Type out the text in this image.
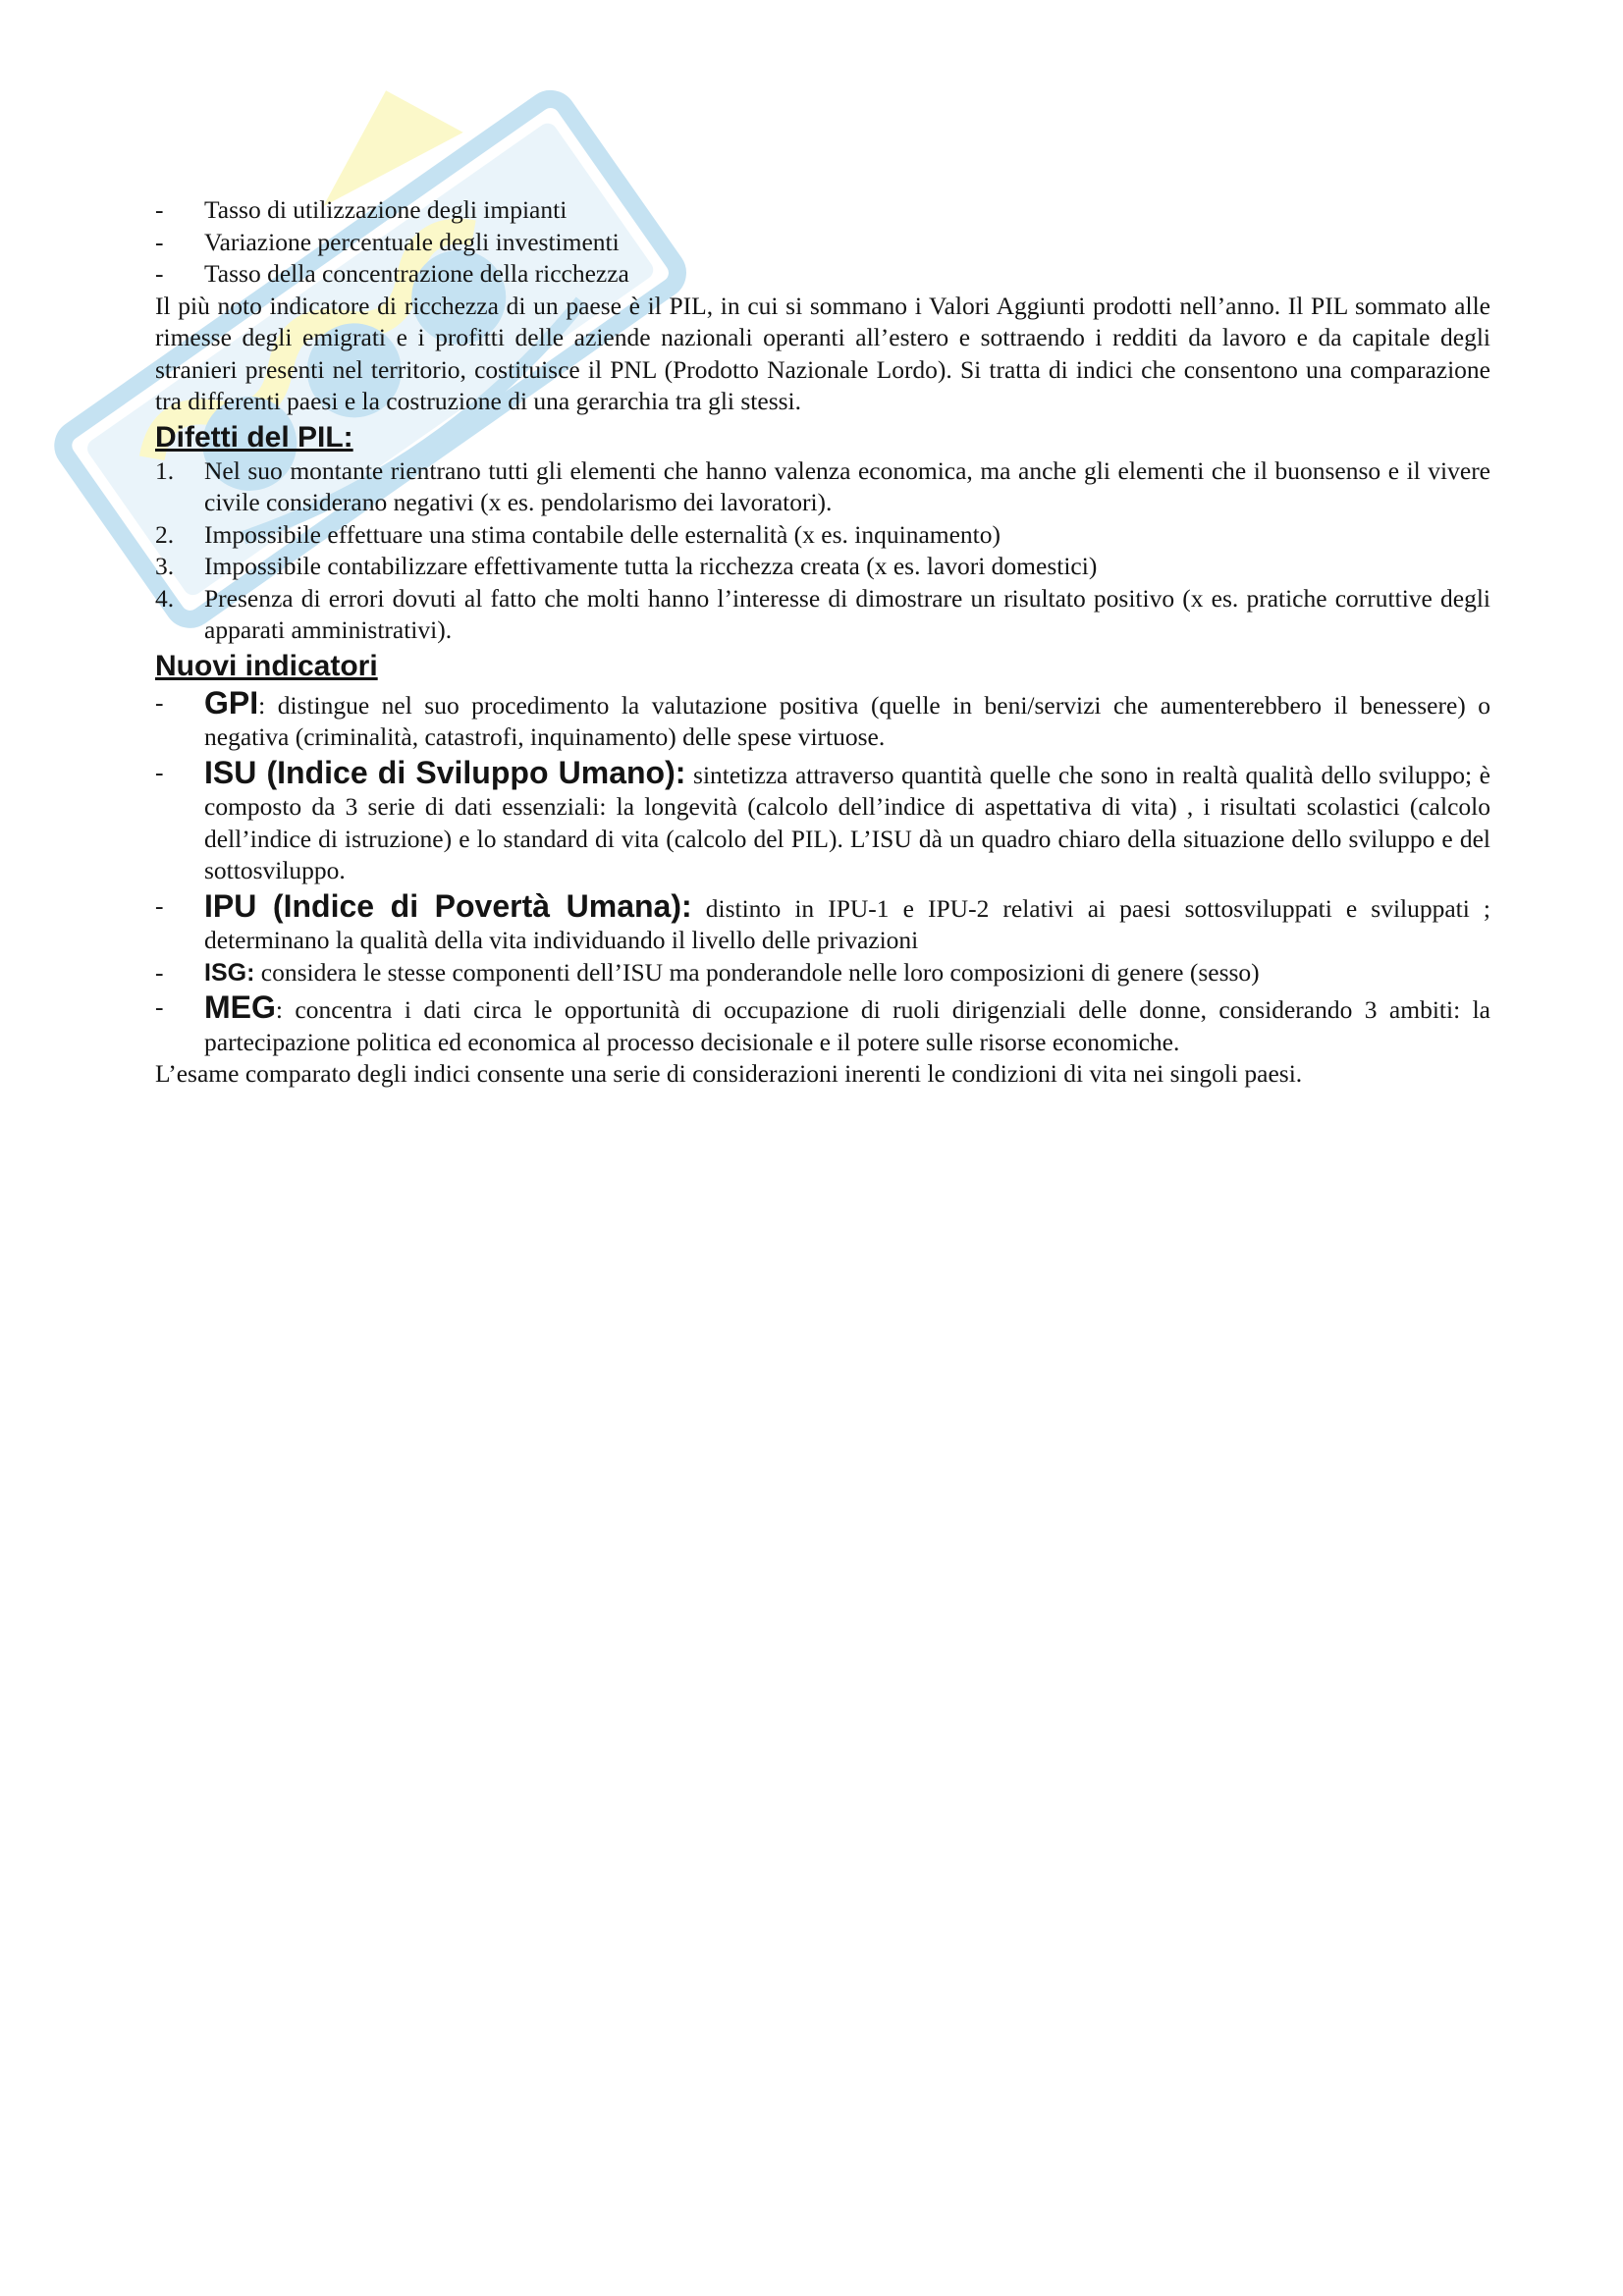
-	Tasso di utilizzazione degli impianti
-	Variazione percentuale degli investimenti
-	Tasso della concentrazione della ricchezza
Il più noto indicatore di ricchezza di un paese è il PIL, in cui si sommano i Valori Aggiunti prodotti nell’anno. Il PIL sommato alle rimesse degli emigrati e i profitti delle aziende nazionali operanti all’estero e sottraendo i redditi da lavoro e da capitale degli stranieri presenti nel territorio, costituisce il PNL (Prodotto Nazionale Lordo). Si tratta di indici che consentono una comparazione tra differenti paesi e la costruzione di una gerarchia tra gli stessi.
Difetti del PIL:
1.	Nel suo montante rientrano tutti gli elementi che hanno valenza economica, ma anche gli elementi che il buonsenso e il vivere civile considerano negativi (x es. pendolarismo dei lavoratori).
2.	Impossibile effettuare una stima contabile delle esternalità (x es. inquinamento)
3.	Impossibile contabilizzare effettivamente tutta la ricchezza creata (x es. lavori domestici)
4.	Presenza di errori dovuti al fatto che molti hanno l’interesse di dimostrare un risultato positivo (x es. pratiche corruttive degli apparati amministrativi).
Nuovi indicatori
-	GPI: distingue nel suo procedimento la valutazione positiva (quelle in beni/servizi che aumenterebbero il benessere) o negativa (criminalità, catastrofi, inquinamento) delle spese virtuose.
-	ISU (Indice di Sviluppo Umano): sintetizza attraverso quantità quelle che sono in realtà qualità dello sviluppo; è composto da 3 serie di dati essenziali: la longevità (calcolo dell’indice di aspettativa di vita) , i risultati scolastici (calcolo dell’indice di istruzione) e lo standard di vita (calcolo del PIL). L’ISU dà un quadro chiaro della situazione dello sviluppo e del sottosviluppo.
-	IPU (Indice di Povertà Umana): distinto in IPU-1 e IPU-2 relativi ai paesi sottosviluppati e sviluppati ; determinano la qualità della vita individuando il livello delle privazioni
-	ISG: considera le stesse componenti dell’ISU ma ponderandole nelle loro composizioni di genere (sesso)
-	MEG: concentra i dati circa le opportunità di occupazione di ruoli dirigenziali delle donne, considerando 3 ambiti: la partecipazione politica ed economica al processo decisionale e il potere sulle risorse economiche.
L’esame comparato degli indici consente una serie di considerazioni inerenti le condizioni di vita nei singoli paesi.
